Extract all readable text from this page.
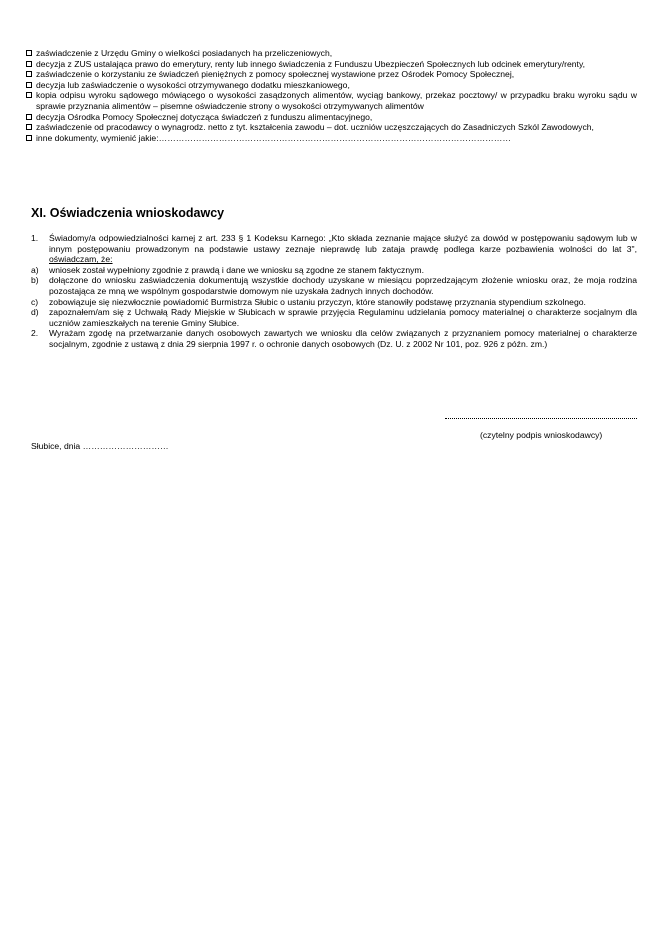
zaświadczenie z Urzędu Gminy o wielkości posiadanych ha przeliczeniowych,
decyzja z ZUS ustalająca prawo do emerytury, renty lub innego świadczenia z Funduszu Ubezpieczeń Społecznych lub odcinek emerytury/renty,
zaświadczenie o korzystaniu ze świadczeń pieniężnych z pomocy społecznej wystawione przez Ośrodek Pomocy Społecznej,
decyzja lub zaświadczenie o wysokości otrzymywanego dodatku mieszkaniowego,
kopia odpisu wyroku sądowego mówiącego o wysokości zasądzonych alimentów, wyciąg bankowy, przekaz pocztowy/ w przypadku braku wyroku sądu w sprawie przyznania alimentów – pisemne oświadczenie strony o wysokości otrzymywanych alimentów
decyzja Ośrodka Pomocy Społecznej dotycząca świadczeń z funduszu alimentacyjnego,
zaświadczenie od pracodawcy o wynagrodz. netto z tyt. kształcenia zawodu – dot. uczniów uczęszczających do Zasadniczych Szkól Zawodowych,
inne dokumenty, wymienić jakie:……………………………………………………………………………………………………………
XI. Oświadczenia wnioskodawcy
1. Świadomy/a odpowiedzialności karnej z art. 233 § 1 Kodeksu Karnego: „Kto składa zeznanie mające służyć za dowód w postępowaniu sądowym lub w innym postępowaniu prowadzonym na podstawie ustawy zeznaje nieprawdę lub zataja prawdę podlega karze pozbawienia wolności do lat 3", oświadczam, że:
a) wniosek został wypełniony zgodnie z prawdą i dane we wniosku są zgodne ze stanem faktycznym.
b) dołączone do wniosku zaświadczenia dokumentują wszystkie dochody uzyskane w miesiącu poprzedzającym złożenie wniosku oraz, że moja rodzina pozostająca ze mną we wspólnym gospodarstwie domowym nie uzyskała żadnych innych dochodów.
c) zobowiązuje się niezwłocznie powiadomić Burmistrza Słubic o ustaniu przyczyn, które stanowiły podstawę przyznania stypendium szkolnego.
d) zapoznałem/am się z Uchwałą Rady Miejskie w Słubicach w sprawie przyjęcia Regulaminu udzielania pomocy materialnej o charakterze socjalnym dla uczniów zamieszkałych na terenie Gminy Słubice.
2. Wyrażam zgodę na przetwarzanie danych osobowych zawartych we wniosku dla celów związanych z przyznaniem pomocy materialnej o charakterze socjalnym, zgodnie z ustawą z dnia 29 sierpnia 1997 r. o ochronie danych osobowych (Dz. U. z 2002 Nr 101, poz. 926 z późn. zm.)
(czytelny podpis wnioskodawcy)
Słubice, dnia …………………………
